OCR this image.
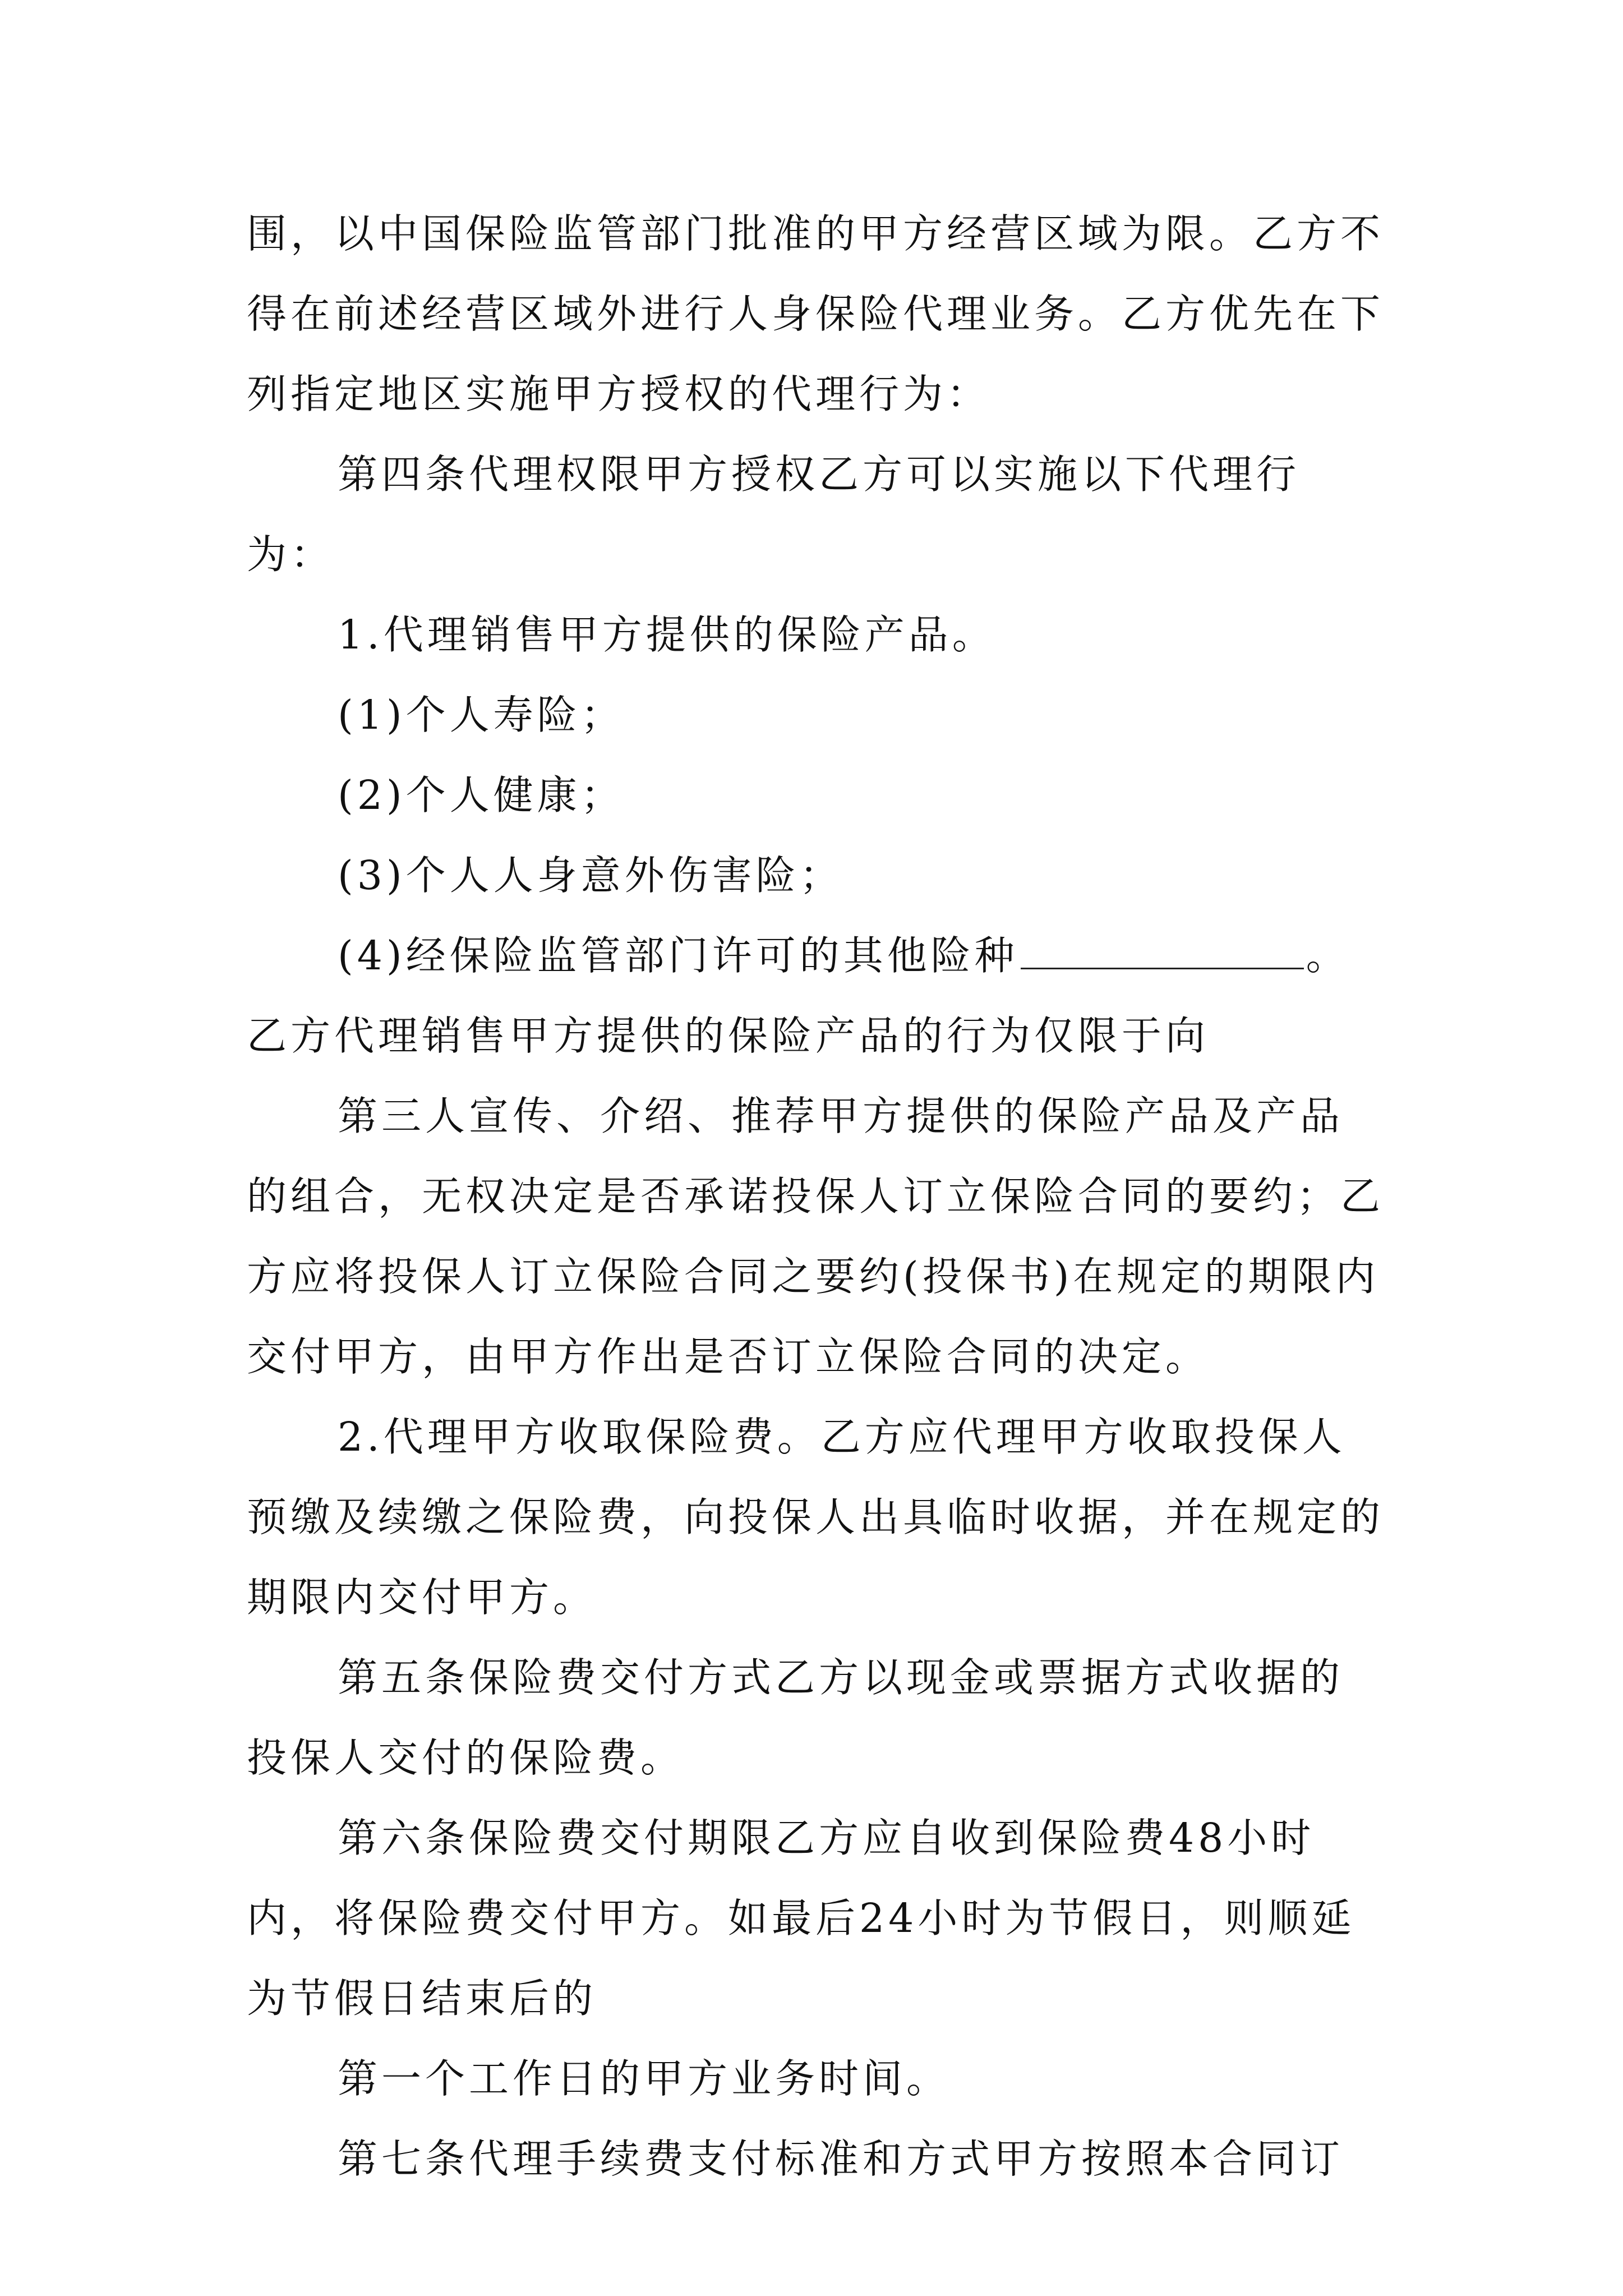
围，以中国保险监管部门批准的甲方经营区域为限。乙方不得在前述经营区域外进行人身保险代理业务。乙方优先在下列指定地区实施甲方授权的代理行为：

第四条代理权限甲方授权乙方可以实施以下代理行为：

1.代理销售甲方提供的保险产品。

(1)个人寿险；

(2)个人健康；

(3)个人人身意外伤害险；

(4)经保险监管部门许可的其他险种	。乙方代理销售甲方提供的保险产品的行为仅限于向

第三人宣传、介绍、推荐甲方提供的保险产品及产品的组合，无权决定是否承诺投保人订立保险合同的要约；乙方应将投保人订立保险合同之要约(投保书)在规定的期限内交付甲方，由甲方作出是否订立保险合同的决定。

2.代理甲方收取保险费。乙方应代理甲方收取投保人预缴及续缴之保险费，向投保人出具临时收据，并在规定的期限内交付甲方。

第五条保险费交付方式乙方以现金或票据方式收据的投保人交付的保险费。

第六条保险费交付期限乙方应自收到保险费48小时内，将保险费交付甲方。如最后24小时为节假日，则顺延为节假日结束后的

第一个工作日的甲方业务时间。

第七条代理手续费支付标准和方式甲方按照本合同订
